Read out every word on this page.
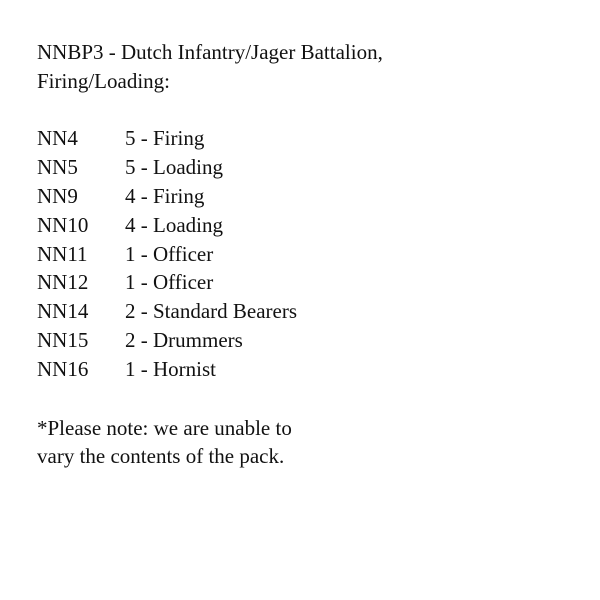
NNBP3 - Dutch Infantry/Jager Battalion,
Firing/Loading:
NN4	5 - Firing
NN5	5 - Loading
NN9	4 - Firing
NN10	4 - Loading
NN11	1 - Officer
NN12	1 - Officer
NN14	2 - Standard Bearers
NN15	2 - Drummers
NN16	1 - Hornist
*Please note: we are unable to
vary the contents of the pack.
